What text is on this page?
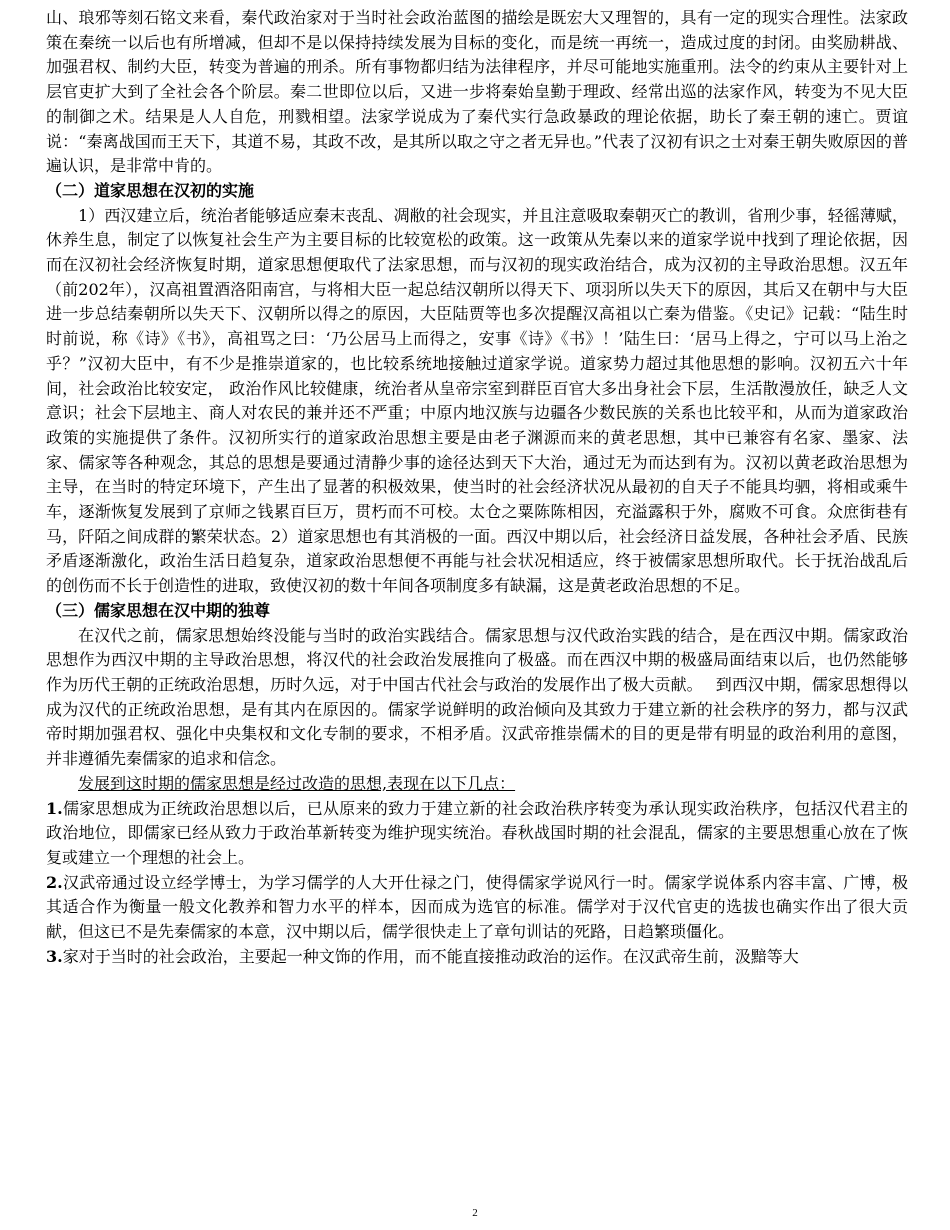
山、琅邪等刻石铭文来看，秦代政治家对于当时社会政治蓝图的描绘是既宏大又理智的，具有一定的现实合理性。法家政策在秦统一以后也有所增减，但却不是以保持持续发展为目标的变化，而是统一再统一，造成过度的封闭。由奖励耕战、加强君权、制约大臣，转变为普遍的刑杀。所有事物都归结为法律程序，并尽可能地实施重刑。法令的约束从主要针对上层官吏扩大到了全社会各个阶层。秦二世即位以后，又进一步将秦始皇勤于理政、经常出巡的法家作风，转变为不见大臣的制御之术。结果是人人自危，刑戮相望。法家学说成为了秦代实行急政暴政的理论依据，助长了秦王朝的速亡。贾谊说：“秦离战国而王天下，其道不易，其政不改，是其所以取之守之者无异也。”代表了汉初有识之士对秦王朝失败原因的普遍认识，是非常中肯的。

（二）道家思想在汉初的实施

1）西汉建立后，统治者能够适应秦末丧乱、凋敝的社会现实，并且注意吸取秦朝灭亡的教训，省刑少事，轻徭薄赋，休养生息，制定了以恢复社会生产为主要目标的比较宽松的政策。这一政策从先秦以来的道家学说中找到了理论依据，因而在汉初社会经济恢复时期，道家思想便取代了法家思想，而与汉初的现实政治结合，成为汉初的主导政治思想。汉五年（前202年），汉高祖置酒洛阳南宫，与将相大臣一起总结汉朝所以得天下、项羽所以失天下的原因，其后又在朝中与大臣进一步总结秦朝所以失天下、汉朝所以得之的原因，大臣陆贾等也多次提醒汉高祖以亡秦为借鉴。《史记》记载：“陆生时时前说，称《诗》《书》，高祖骂之曰：‘乃公居马上而得之，安事《诗》《书》！’陆生曰：‘居马上得之，宁可以马上治之乎？”汉初大臣中，有不少是推崇道家的，也比较系统地接触过道家学说。道家势力超过其他思想的影响。汉初五六十年间，社会政治比较安定， 政治作风比较健康，统治者从皇帝宗室到群臣百官大多出身社会下层，生活散漫放任，缺乏人文意识；社会下层地主、商人对农民的兼并还不严重；中原内地汉族与边疆各少数民族的关系也比较平和，从而为道家政治政策的实施提供了条件。汉初所实行的道家政治思想主要是由老子渊源而来的黄老思想，其中已兼容有名家、墨家、法家、儒家等各种观念，其总的思想是要通过清静少事的途径达到天下大治，通过无为而达到有为。汉初以黄老政治思想为主导，在当时的特定环境下，产生出了显著的积极效果，使当时的社会经济状况从最初的自天子不能具均驷，将相或乘牛车，逐渐恢复发展到了京师之钱累百巨万，贯朽而不可校。太仓之粟陈陈相因，充溢露积于外，腐败不可食。众庶街巷有马，阡陌之间成群的繁荣状态。2）道家思想也有其消极的一面。西汉中期以后，社会经济日益发展，各种社会矛盾、民族矛盾逐渐激化，政治生活日趋复杂，道家政治思想便不再能与社会状况相适应，终于被儒家思想所取代。长于抚治战乱后的创伤而不长于创造性的进取，致使汉初的数十年间各项制度多有缺漏，这是黄老政治思想的不足。

（三）儒家思想在汉中期的独尊

在汉代之前，儒家思想始终没能与当时的政治实践结合。儒家思想与汉代政治实践的结合，是在西汉中期。儒家政治思想作为西汉中期的主导政治思想，将汉代的社会政治发展推向了极盛。而在西汉中期的极盛局面结束以后，也仍然能够作为历代王朝的正统政治思想，历时久远，对于中国古代社会与政治的发展作出了极大贡献。　 到西汉中期，儒家思想得以成为汉代的正统政治思想，是有其内在原因的。儒家学说鲜明的政治倾向及其致力于建立新的社会秩序的努力，都与汉武帝时期加强君权、强化中央集权和文化专制的要求，不相矛盾。汉武帝推崇儒术的目的更是带有明显的政治利用的意图，并非遵循先秦儒家的追求和信念。

发展到这时期的儒家思想是经过改造的思想,表现在以下几点：

1.儒家思想成为正统政治思想以后，已从原来的致力于建立新的社会政治秩序转变为承认现实政治秩序，包括汉代君主的政治地位，即儒家已经从致力于政治革新转变为维护现实统治。春秋战国时期的社会混乱，儒家的主要思想重心放在了恢复或建立一个理想的社会上。

2.汉武帝通过设立经学博士，为学习儒学的人大开仕禄之门，使得儒家学说风行一时。儒家学说体系内容丰富、广博，极其适合作为衡量一般文化教养和智力水平的样本，因而成为选官的标准。儒学对于汉代官吏的选拔也确实作出了很大贡献，但这已不是先秦儒家的本意，汉中期以后，儒学很快走上了章句训诂的死路，日趋繁琐僵化。

3.家对于当时的社会政治，主要起一种文饰的作用，而不能直接推动政治的运作。在汉武帝生前，汲黯等大

2
